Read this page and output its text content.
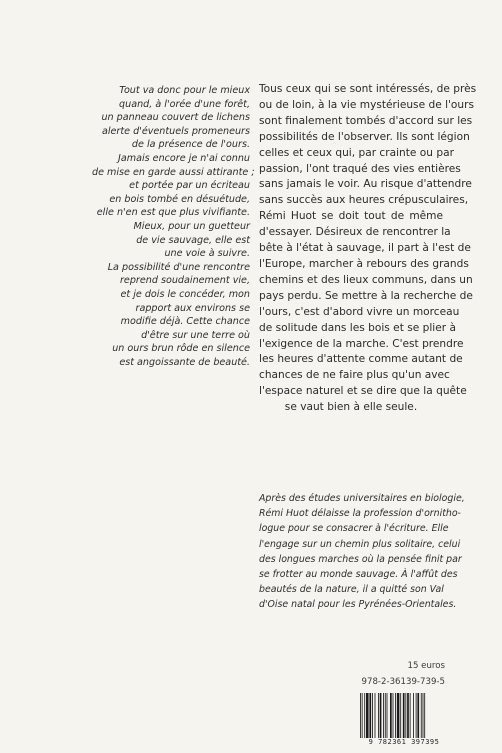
Tout va donc pour le mieux
quand, à l'orée d'une forêt,
un panneau couvert de lichens
alerte d'éventuels promeneurs
de la présence de l'ours.
Jamais encore je n'ai connu
de mise en garde aussi attirante ;
et portée par un écriteau
en bois tombé en désuétude,
elle n'en est que plus vivifiante.
Mieux, pour un guetteur
de vie sauvage, elle est
une voie à suivre.
La possibilité d'une rencontre
reprend soudainement vie,
et je dois le concéder, mon
rapport aux environs se
modifie déjà. Cette chance
d'être sur une terre où
un ours brun rôde en silence
est angoissante de beauté.
Tous ceux qui se sont intéressés, de près
ou de loin, à la vie mystérieuse de l'ours
sont finalement tombés d'accord sur les
possibilités de l'observer. Ils sont légion
celles et ceux qui, par crainte ou par
passion, l'ont traqué des vies entières
sans jamais le voir. Au risque d'attendre
sans succès aux heures crépusculaires,
Rémi Huot se doit tout de même
d'essayer. Désireux de rencontrer la
bête à l'état à sauvage, il part à l'est de
l'Europe, marcher à rebours des grands
chemins et des lieux communs, dans un
pays perdu. Se mettre à la recherche de
l'ours, c'est d'abord vivre un morceau
de solitude dans les bois et se plier à
l'exigence de la marche. C'est prendre
les heures d'attente comme autant de
chances de ne faire plus qu'un avec
l'espace naturel et se dire que la quête
se vaut bien à elle seule.
Après des études universitaires en biologie,
Rémi Huot délaisse la profession d'ornitho-
logue pour se consacrer à l'écriture. Elle
l'engage sur un chemin plus solitaire, celui
des longues marches où la pensée finit par
se frotter au monde sauvage. À l'affût des
beautés de la nature, il a quitté son Val
d'Oise natal pour les Pyrénées-Orientales.
15 euros
978-2-36139-739-5
9 782361 397395
